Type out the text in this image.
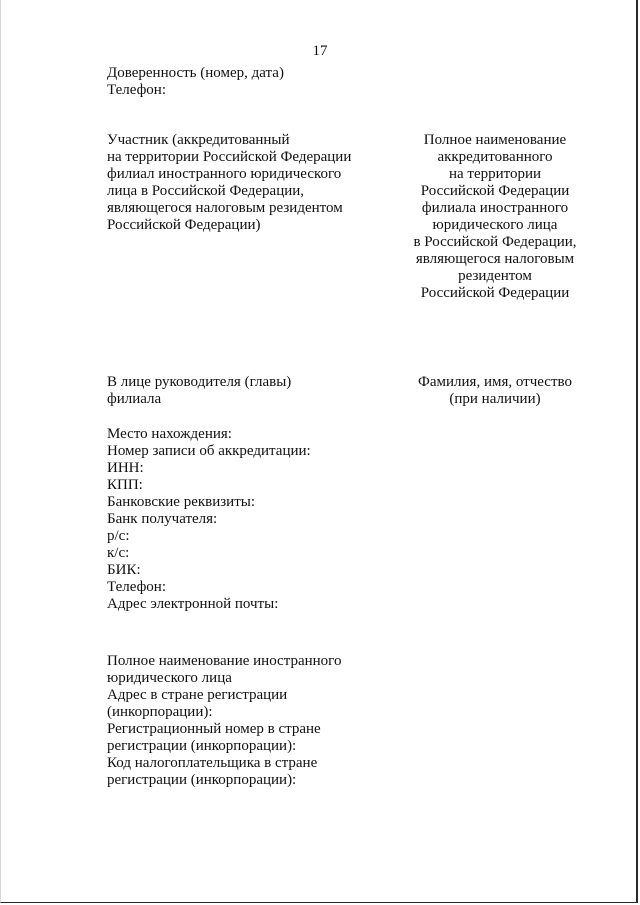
17
Доверенность (номер, дата)
Телефон:
Участник (аккредитованный
на территории Российской Федерации
филиал иностранного юридического
лица в Российской Федерации,
являющегося налоговым резидентом
Российской Федерации)
Полное наименование
аккредитованного
на территории
Российской Федерации
филиала иностранного
юридического лица
в Российской Федерации,
являющегося налоговым
резидентом
Российской Федерации
В лице руководителя (главы)
филиала
Фамилия, имя, отчество
(при наличии)
Место нахождения:
Номер записи об аккредитации:
ИНН:
КПП:
Банковские реквизиты:
Банк получателя:
р/с:
к/с:
БИК:
Телефон:
Адрес электронной почты:
Полное наименование иностранного
юридического лица
Адрес в стране регистрации
(инкорпорации):
Регистрационный номер в стране
регистрации (инкорпорации):
Код налогоплательщика в стране
регистрации (инкорпорации):
